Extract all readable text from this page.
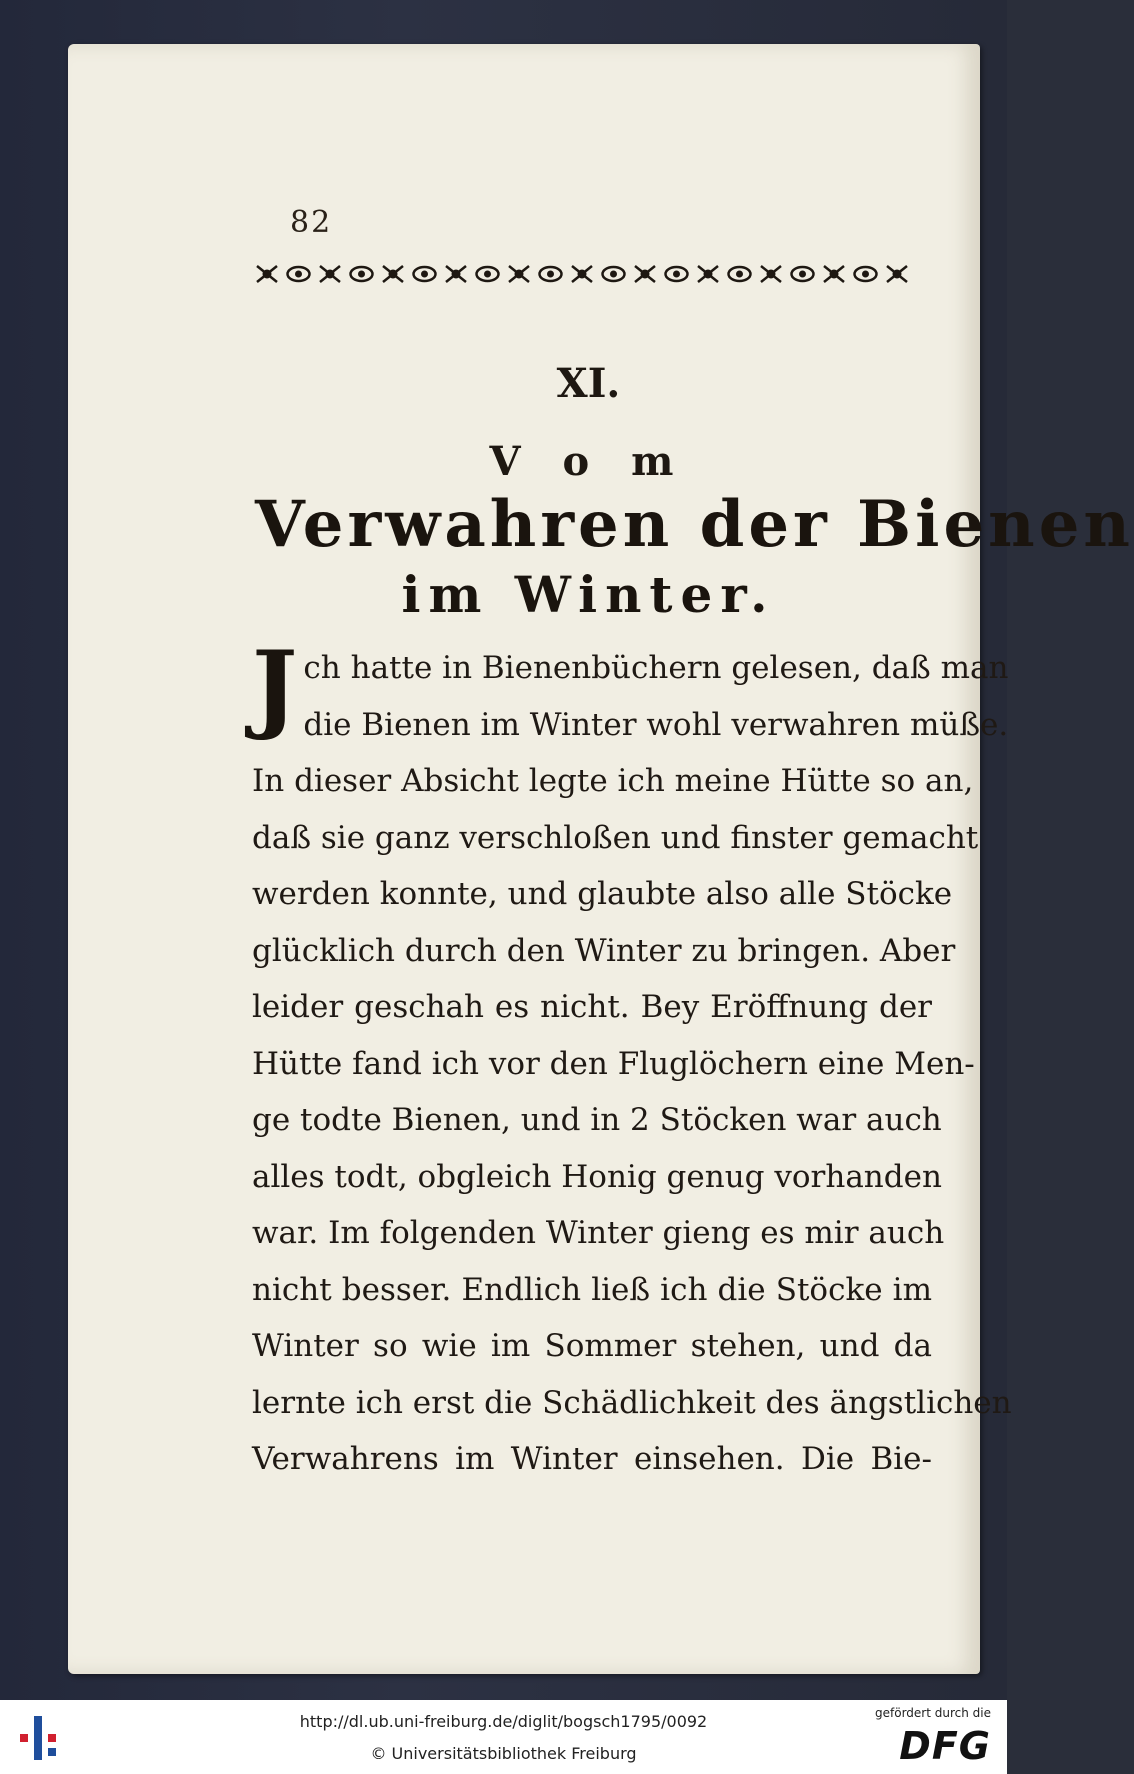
82
XI.
V o m
Verwahren der Bienen
im Winter.
J ch hatte in Bienenbüchern gelesen, daß man
die Bienen im Winter wohl verwahren müße.
In dieser Absicht legte ich meine Hütte so an,
daß sie ganz verschloßen und finster gemacht
werden konnte, und glaubte also alle Stöcke
glücklich durch den Winter zu bringen. Aber
leider geschah es nicht. Bey Eröffnung der
Hütte fand ich vor den Fluglöchern eine Men-
ge todte Bienen, und in 2 Stöcken war auch
alles todt, obgleich Honig genug vorhanden
war. Im folgenden Winter gieng es mir auch
nicht besser. Endlich ließ ich die Stöcke im
Winter so wie im Sommer stehen, und da
lernte ich erst die Schädlichkeit des ängstlichen
Verwahrens im Winter einsehen. Die Bie-
http://dl.ub.uni-freiburg.de/diglit/bogsch1795/0092
© Universitätsbibliothek Freiburg
gefördert durch die
DFG
